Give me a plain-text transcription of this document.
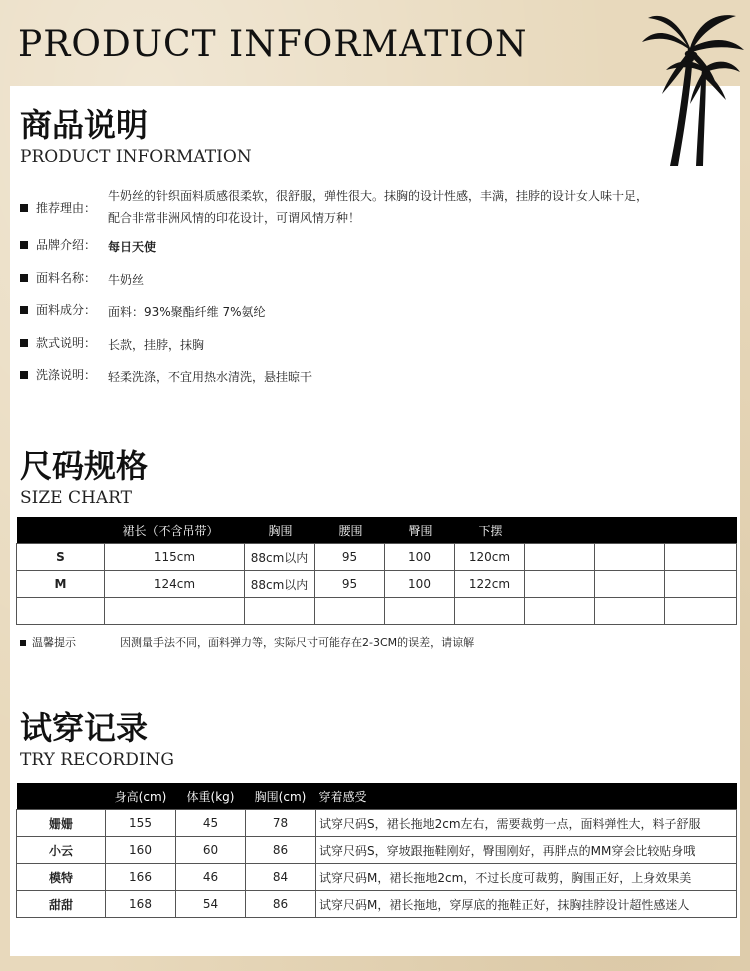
PRODUCT INFORMATION
商品说明
PRODUCT INFORMATION
推荐理由：
牛奶丝的针织面料质感很柔软，很舒服，弹性很大。抹胸的设计性感，丰满，挂脖的设计女人味十足，
配合非常非洲风情的印花设计，可谓风情万种！
品牌介绍： 每日天使
面料名称： 牛奶丝
面料成分： 面料：93%聚酯纤维 7%氨纶
款式说明： 长款，挂脖，抹胸
洗涤说明： 轻柔洗涤，不宜用热水清洗，悬挂晾干
尺码规格
SIZE CHART
	裙长（不含吊带）	胸围	腰围	臀围	下摆			
S	115cm	88cm以内	95	100	120cm			
M	124cm	88cm以内	95	100	122cm			

温馨提示	因测量手法不同，面料弹力等，实际尺寸可能存在2-3CM的误差，请谅解
试穿记录
TRY RECORDING
	身高(cm)	体重(kg)	胸围(cm)	穿着感受
姗姗	155	45	78	试穿尺码S，裙长拖地2cm左右，需要裁剪一点，面料弹性大，料子舒服
小云	160	60	86	试穿尺码S，穿坡跟拖鞋刚好，臀围刚好，再胖点的MM穿会比较贴身哦
模特	166	46	84	试穿尺码M，裙长拖地2cm，不过长度可裁剪，胸围正好，上身效果美
甜甜	168	54	86	试穿尺码M，裙长拖地，穿厚底的拖鞋正好，抹胸挂脖设计超性感迷人
